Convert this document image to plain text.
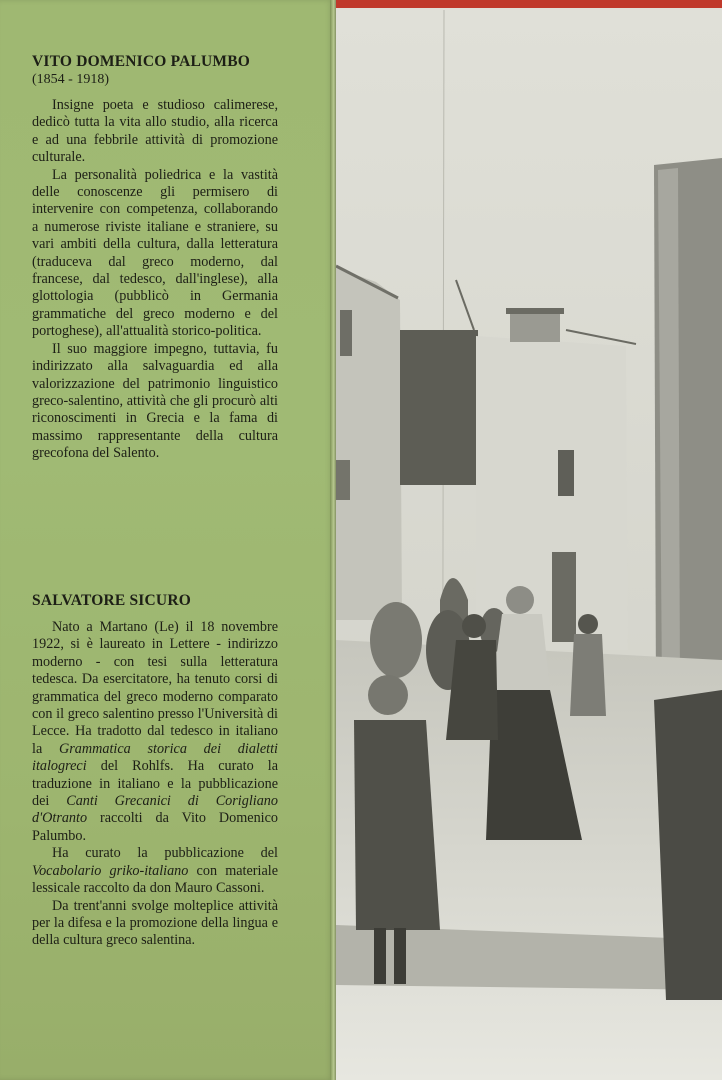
VITO DOMENICO PALUMBO

(1854 - 1918)

Insigne poeta e studioso calimerese, dedicò tutta la vita allo studio, alla ricerca e ad una febbrile attività di promozione culturale.

La personalità poliedrica e la vastità delle conoscenze gli permisero di intervenire con competenza, collaborando a numerose riviste italiane e straniere, su vari ambiti della cultura, dalla letteratura (traduceva dal greco moderno, dal francese, dal tedesco, dall'inglese), alla glottologia (pubblicò in Germania grammatiche del greco moderno e del portoghese), all'attualità storico-politica.

Il suo maggiore impegno, tuttavia, fu indirizzato alla salvaguardia ed alla valorizzazione del patrimonio linguistico greco-salentino, attività che gli procurò alti riconoscimenti in Grecia e la fama di massimo rappresentante della cultura grecofona del Salento.

SALVATORE SICURO

Nato a Martano (Le) il 18 novembre 1922, si è laureato in Lettere - indirizzo moderno - con tesi sulla letteratura tedesca. Da esercitatore, ha tenuto corsi di grammatica del greco moderno comparato con il greco salentino presso l'Università di Lecce. Ha tradotto dal tedesco in italiano la Grammatica storica dei dialetti italogreci del Rohlfs. Ha curato la traduzione in italiano e la pubblicazione dei Canti Grecanici di Corigliano d'Otranto raccolti da Vito Domenico Palumbo.

Ha curato la pubblicazione del Vocabolario griko-italiano con materiale lessicale raccolto da don Mauro Cassoni.

Da trent'anni svolge molteplice attività per la difesa e la promozione della lingua e della cultura greco salentina.
